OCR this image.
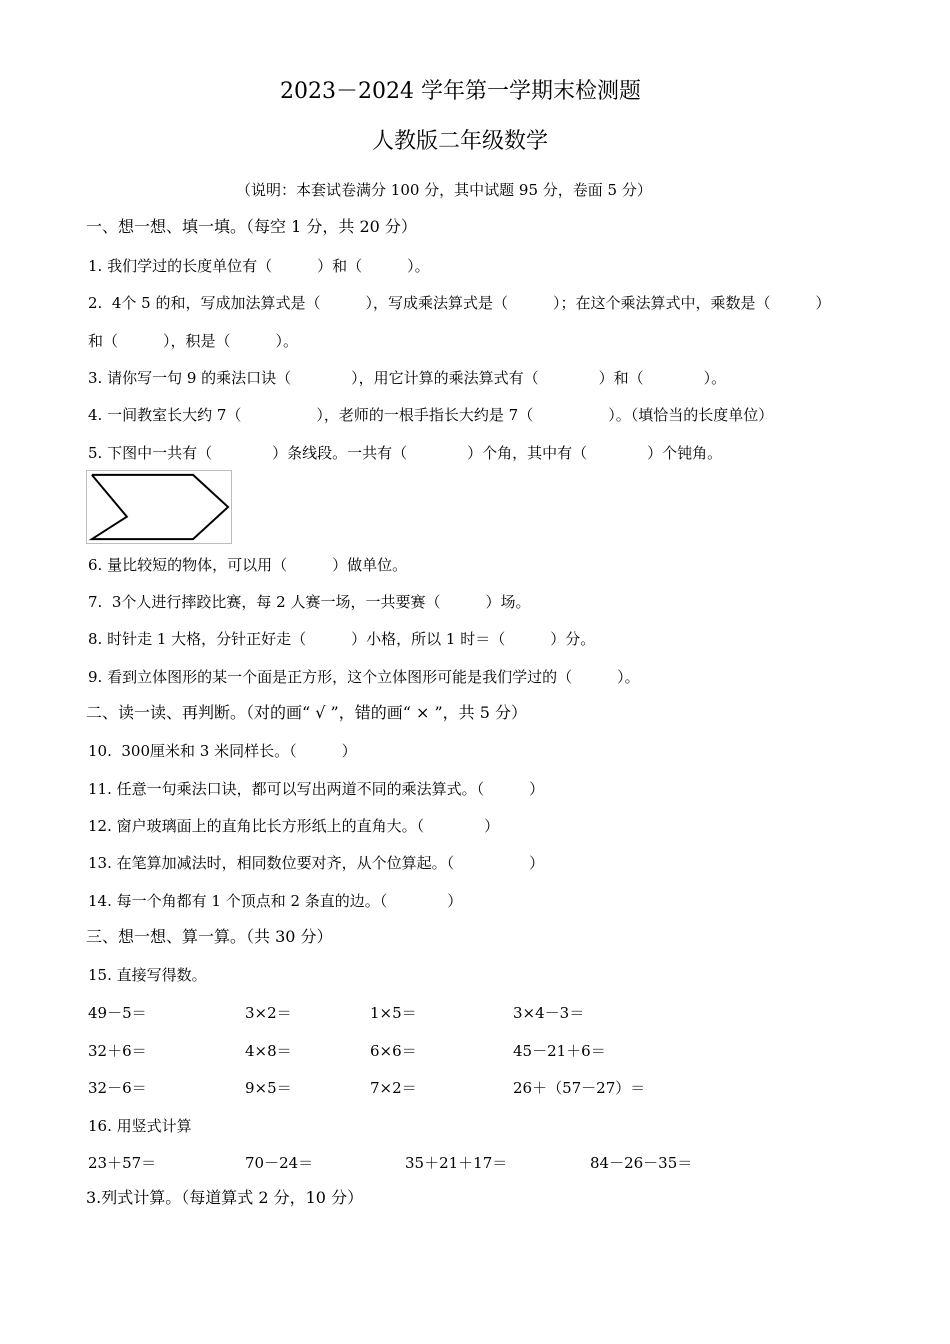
2023－2024 学年第一学期末检测题
人教版二年级数学
（说明：本套试卷满分 100 分，其中试题 95 分，卷面 5 分）
一、想一想、填一填。（每空 1 分，共 20 分）
1. 我们学过的长度单位有（　　　）和（　　　）。
2.  4个 5 的和，写成加法算式是（　　　），写成乘法算式是（　　　）；在这个乘法算式中，乘数是（　　　）
和（　　　），积是（　　　）。
3. 请你写一句 9 的乘法口诀（　　　　），用它计算的乘法算式有（　　　　）和（　　　　）。
4. 一间教室长大约 7（　　　　　），老师的一根手指长大约是 7（　　　　　）。（填恰当的长度单位）
5. 下图中一共有（　　　　）条线段。一共有（　　　　）个角，其中有（　　　　）个钝角。
6. 量比较短的物体，可以用（　　　）做单位。
7.  3个人进行摔跤比赛，每 2 人赛一场，一共要赛（　　　）场。
8. 时针走 1 大格，分针正好走（　　　）小格，所以 1 时＝（　　　）分。
9. 看到立体图形的某一个面是正方形，这个立体图形可能是我们学过的（　　　）。
二、读一读、再判断。（对的画“ √ ”，错的画“ × ”，共 5 分）
10.  300厘米和 3 米同样长。（　　　）
11. 任意一句乘法口诀，都可以写出两道不同的乘法算式。（　　　）
12. 窗户玻璃面上的直角比长方形纸上的直角大。（　　　　）
13. 在笔算加减法时，相同数位要对齐，从个位算起。（　　　　　）
14. 每一个角都有 1 个顶点和 2 条直的边。（　　　　）
三、想一想、算一算。（共 30 分）
15. 直接写得数。
49－5＝	3×2＝	1×5＝	3×4－3＝
32＋6＝	4×8＝	6×6＝	45－21＋6＝
32－6＝	9×5＝	7×2＝	26＋（57－27）＝
16. 用竖式计算
23＋57＝	70－24＝	35＋21＋17＝	84－26－35＝
3.列式计算。（每道算式 2 分，10 分）
